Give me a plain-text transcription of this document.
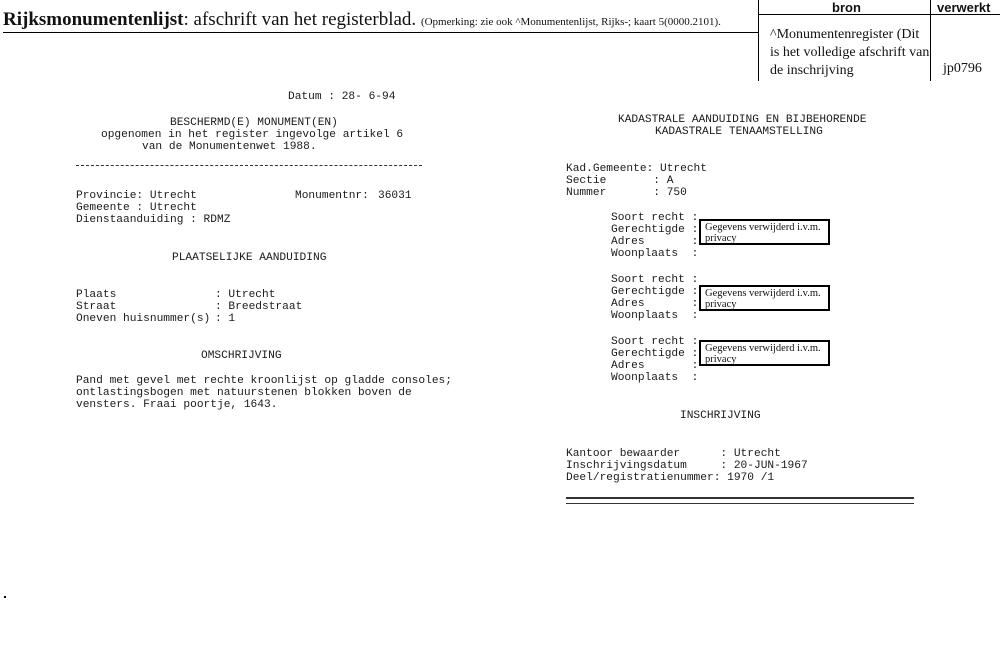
Rijksmonumentenlijst: afschrift van het registerblad. (Opmerking: zie ook ^Monumentenlijst, Rijks-; kaart 5(0000.2101).
bron	verwerkt
^Monumentenregister (Dit is het volledige afschrift van de inschrijving	jp0796
Datum : 28- 6-94
BESCHERMD(E) MONUMENT(EN)
opgenomen in het register ingevolge artikel 6
van de Monumentenwet 1988.
Provincie: Utrecht	Monumentnr: 36031
Gemeente : Utrecht
Dienstaanduiding : RDMZ
PLAATSELIJKE AANDUIDING
Plaats	: Utrecht
Straat	: Breedstraat
Oneven huisnummer(s) : 1
OMSCHRIJVING
Pand met gevel met rechte kroonlijst op gladde consoles;
ontlastingsbogen met natuurstenen blokken boven de
vensters. Fraai poortje, 1643.
KADASTRALE AANDUIDING EN BIJBEHORENDE
KADASTRALE TENAAMSTELLING
Kad.Gemeente: Utrecht
Sectie       : A
Nummer       : 750
Soort recht :
Gerechtigde :
Adres       :
Woonplaats  :
Gegevens verwijderd i.v.m. privacy
Soort recht :
Gerechtigde :
Adres       :
Woonplaats  :
Gegevens verwijderd i.v.m. privacy
Soort recht :
Gerechtigde :
Adres       :
Woonplaats  :
Gegevens verwijderd i.v.m. privacy
INSCHRIJVING
Kantoor bewaarder      : Utrecht
Inschrijvingsdatum     : 20-JUN-1967
Deel/registratienummer: 1970 /1
